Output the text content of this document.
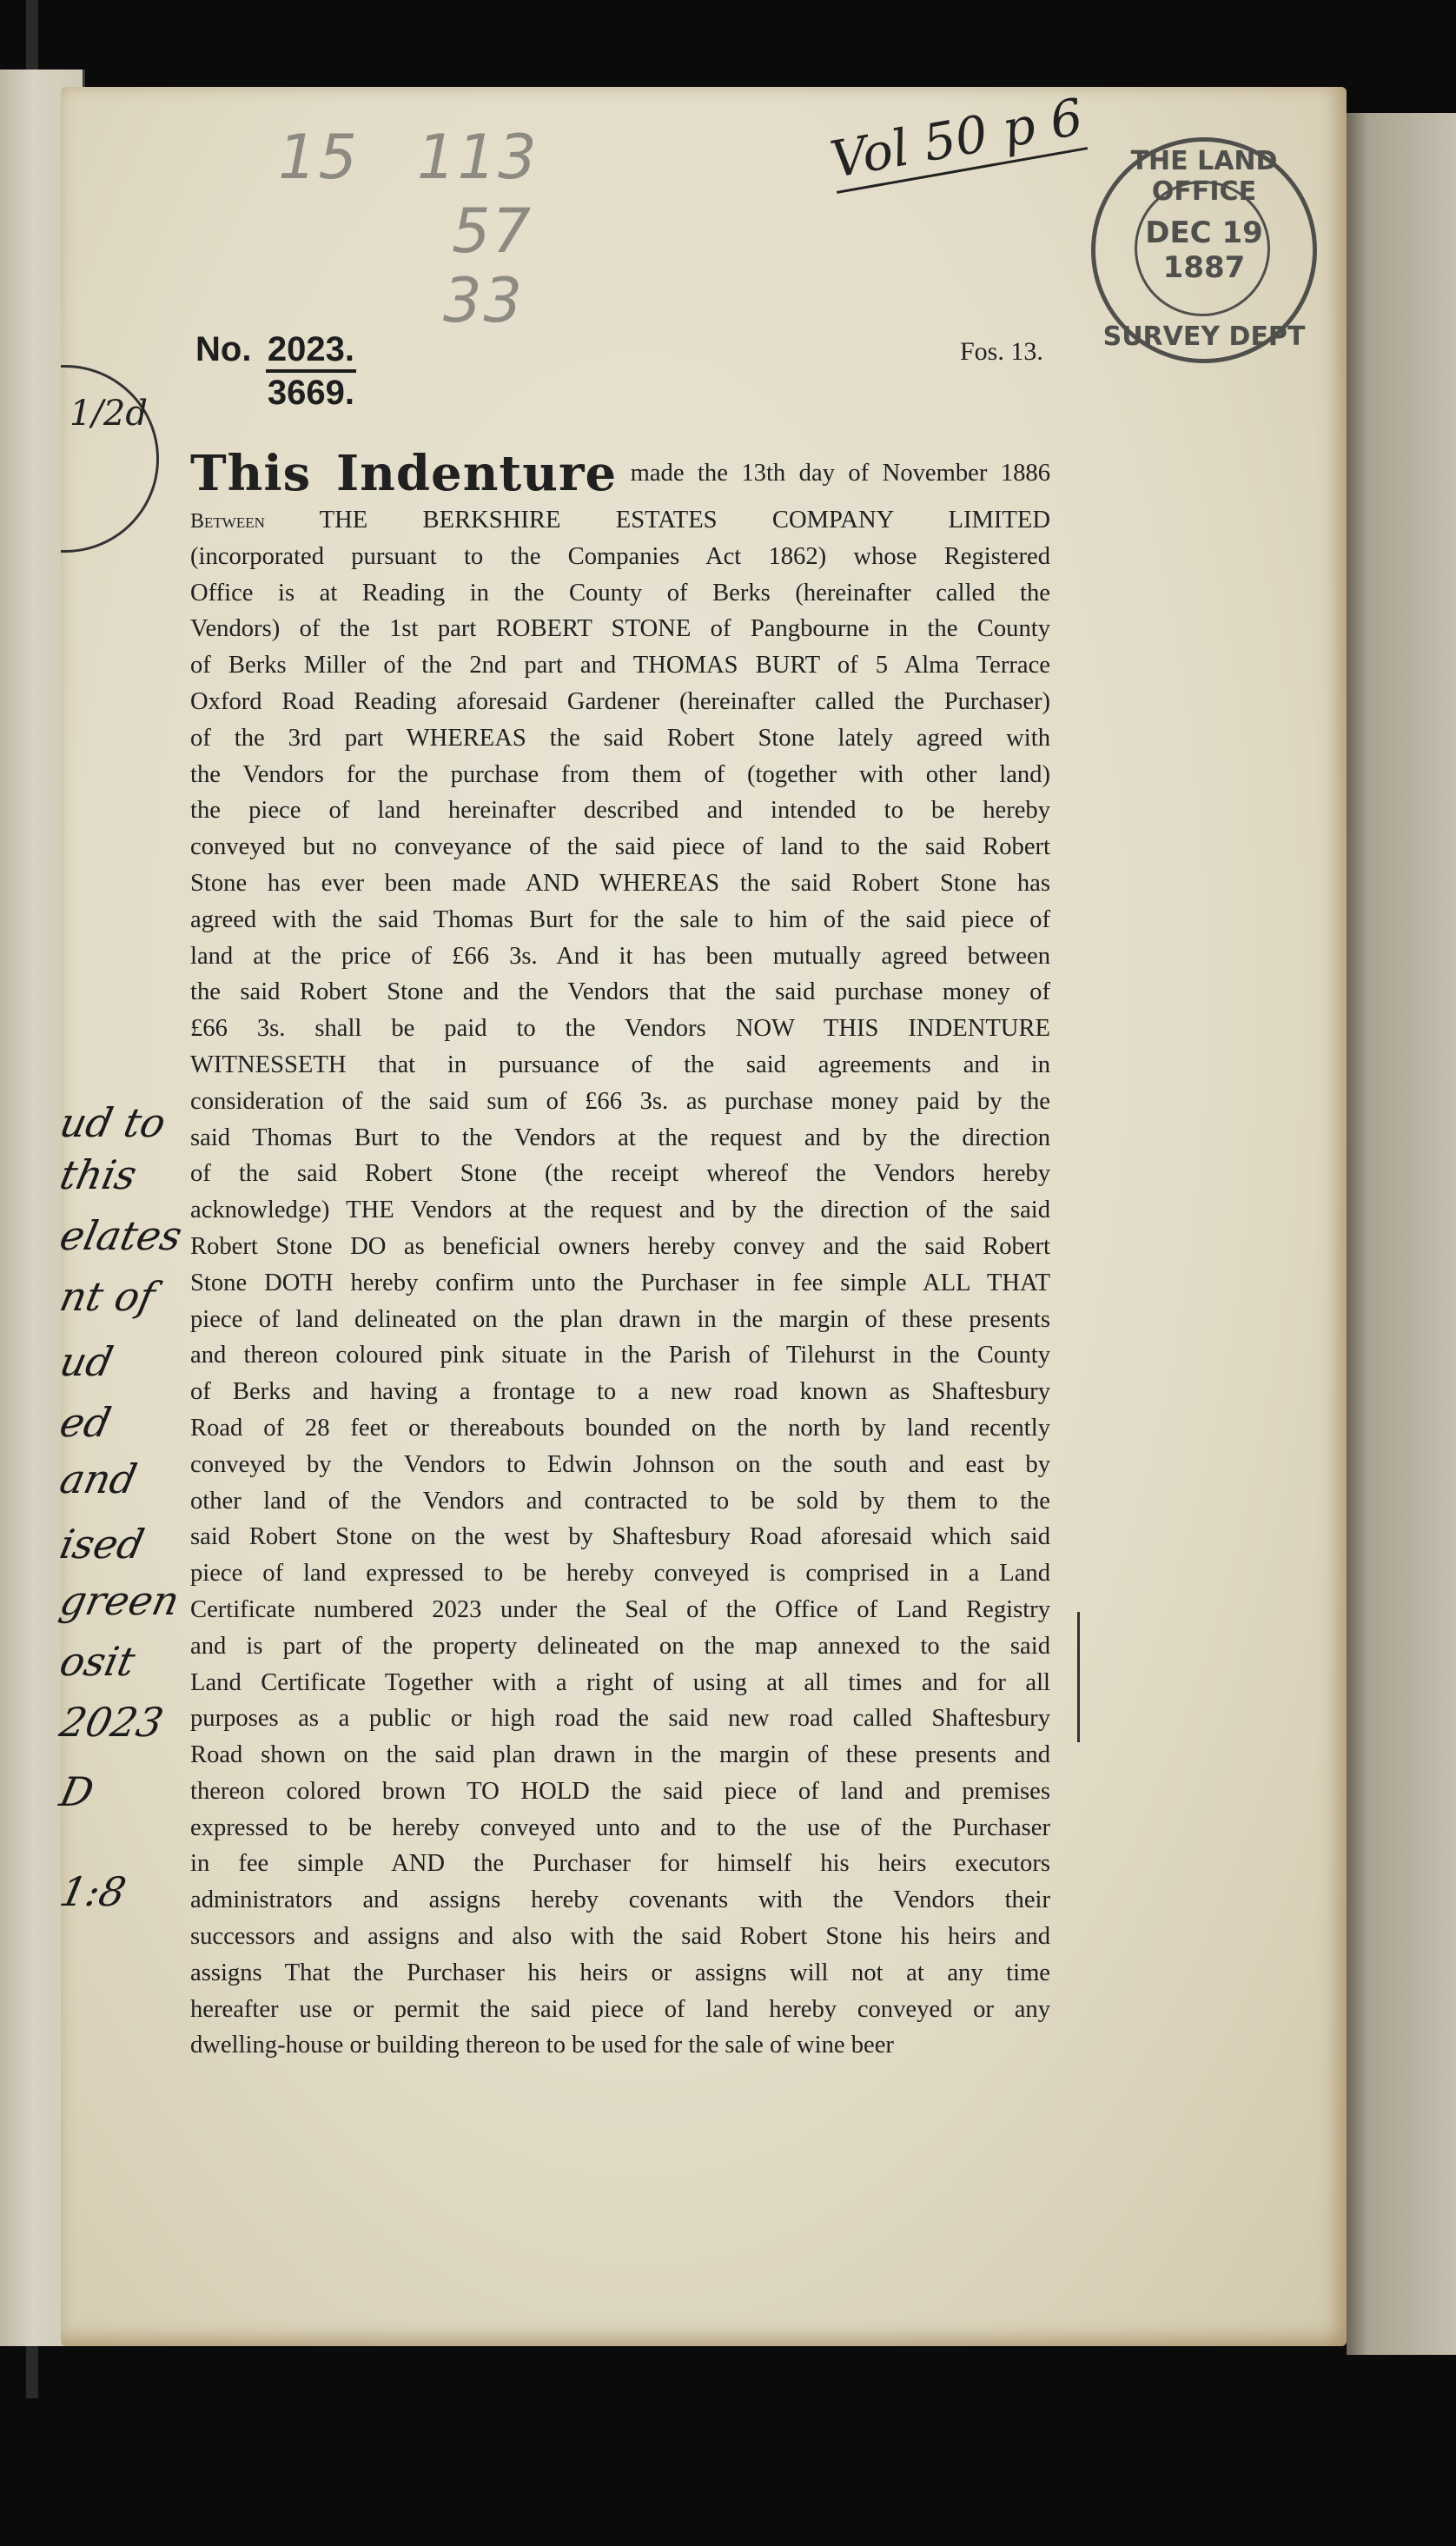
ud to
this
elates
nt of
ud
ed
and
ised
green
osit
2023
D
1:8
15 113
57
33
Vol 50 p 6	THE LAND OFFICE
DEC 19
1887
SURVEY DEPT
1/2d
No. $\frac{2023.}{3669.}$	Fos. 13.
This Indenture made the 13th day of November 1886
Between THE BERKSHIRE ESTATES COMPANY LIMITED
(incorporated pursuant to the Companies Act 1862) whose Registered
Office is at Reading in the County of Berks (hereinafter called the
Vendors) of the 1st part ROBERT STONE of Pangbourne in the County
of Berks Miller of the 2nd part and THOMAS BURT of 5 Alma Terrace
Oxford Road Reading aforesaid Gardener (hereinafter called the Purchaser)
of the 3rd part WHEREAS the said Robert Stone lately agreed with
the Vendors for the purchase from them of (together with other land)
the piece of land hereinafter described and intended to be hereby
conveyed but no conveyance of the said piece of land to the said Robert
Stone has ever been made AND WHEREAS the said Robert Stone has
agreed with the said Thomas Burt for the sale to him of the said piece of
land at the price of £66 3s. And it has been mutually agreed between
the said Robert Stone and the Vendors that the said purchase money of
£66 3s. shall be paid to the Vendors NOW THIS INDENTURE
WITNESSETH that in pursuance of the said agreements and in
consideration of the said sum of £66 3s. as purchase money paid by the
said Thomas Burt to the Vendors at the request and by the direction
of the said Robert Stone (the receipt whereof the Vendors hereby
acknowledge) THE Vendors at the request and by the direction of the said
Robert Stone DO as beneficial owners hereby convey and the said Robert
Stone DOTH hereby confirm unto the Purchaser in fee simple ALL THAT
piece of land delineated on the plan drawn in the margin of these presents
and thereon coloured pink situate in the Parish of Tilehurst in the County
of Berks and having a frontage to a new road known as Shaftesbury
Road of 28 feet or thereabouts bounded on the north by land recently
conveyed by the Vendors to Edwin Johnson on the south and east by
other land of the Vendors and contracted to be sold by them to the
said Robert Stone on the west by Shaftesbury Road aforesaid which said
piece of land expressed to be hereby conveyed is comprised in a Land
Certificate numbered 2023 under the Seal of the Office of Land Registry
and is part of the property delineated on the map annexed to the said
Land Certificate Together with a right of using at all times and for all
purposes as a public or high road the said new road called Shaftesbury
Road shown on the said plan drawn in the margin of these presents and
thereon colored brown TO HOLD the said piece of land and premises
expressed to be hereby conveyed unto and to the use of the Purchaser
in fee simple AND the Purchaser for himself his heirs executors
administrators and assigns hereby covenants with the Vendors their
successors and assigns and also with the said Robert Stone his heirs and
assigns That the Purchaser his heirs or assigns will not at any time
hereafter use or permit the said piece of land hereby conveyed or any
dwelling-house or building thereon to be used for the sale of wine beer
